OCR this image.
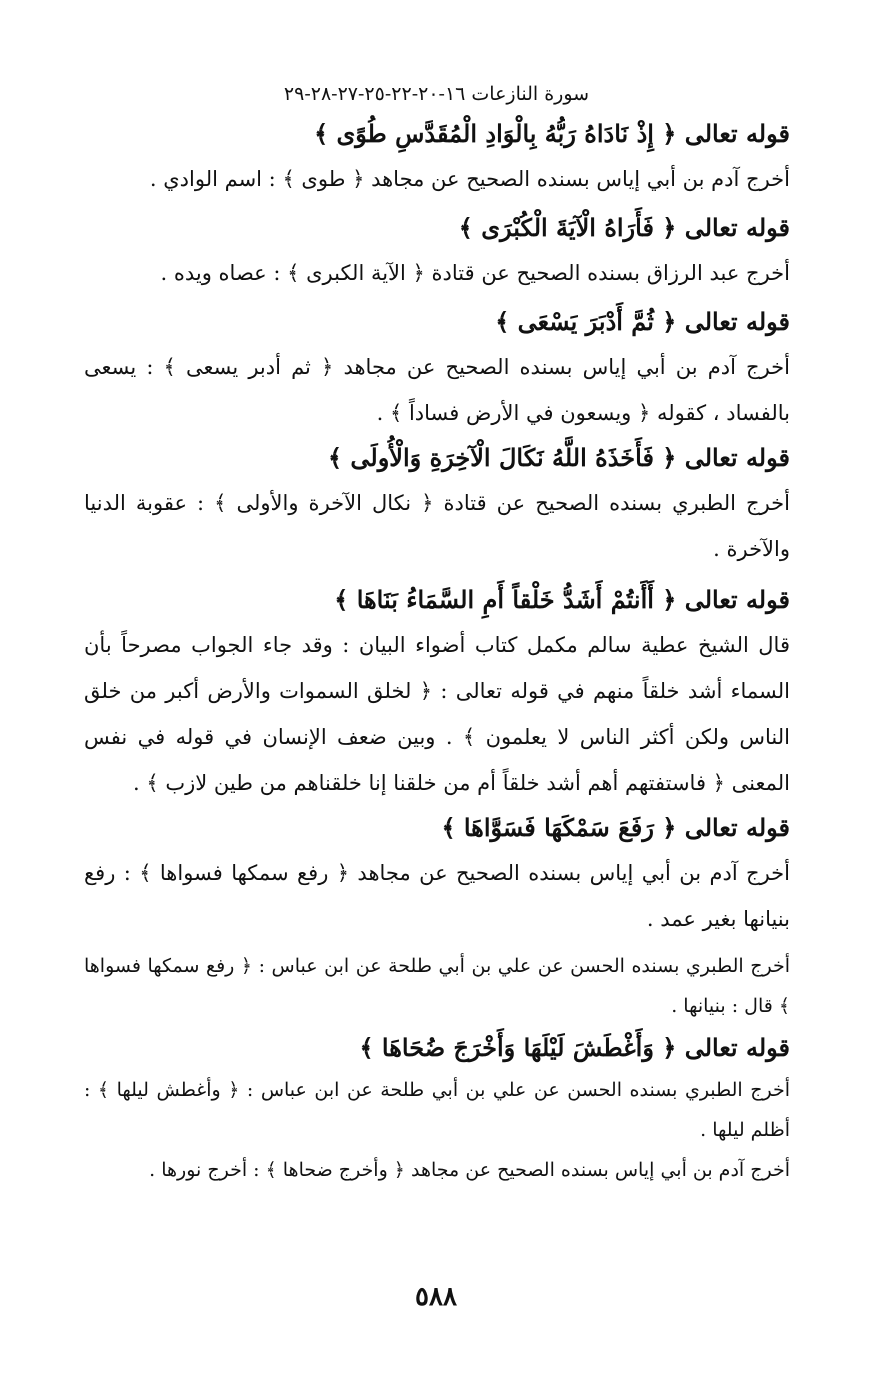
سورة النازعات ١٦-٢٠-٢٢-٢٥-٢٧-٢٨-٢٩

قوله تعالى ﴿ إِذْ نَادَاهُ رَبُّهُ بِالْوَادِ الْمُقَدَّسِ طُوًى ﴾

أخرج آدم بن أبي إياس بسنده الصحيح عن مجاهد ﴿ طوى ﴾ : اسم الوادي .

قوله تعالى ﴿ فَأَرَاهُ الْآيَةَ الْكُبْرَى ﴾

أخرج عبد الرزاق بسنده الصحيح عن قتادة ﴿ الآية الكبرى ﴾ : عصاه ويده .

قوله تعالى ﴿ ثُمَّ أَدْبَرَ يَسْعَى ﴾

أخرج آدم بن أبي إياس بسنده الصحيح عن مجاهد ﴿ ثم أدبر يسعى ﴾ : يسعى بالفساد ، كقوله ﴿ ويسعون في الأرض فساداً ﴾ .

قوله تعالى ﴿ فَأَخَذَهُ اللَّهُ نَكَالَ الْآخِرَةِ وَالْأُولَى ﴾

أخرج الطبري بسنده الصحيح عن قتادة ﴿ نكال الآخرة والأولى ﴾ : عقوبة الدنيا والآخرة .

قوله تعالى ﴿ أَأَنتُمْ أَشَدُّ خَلْقاً أَمِ السَّمَاءُ بَنَاهَا ﴾

قال الشيخ عطية سالم مكمل كتاب أضواء البيان : وقد جاء الجواب مصرحاً بأن السماء أشد خلقاً منهم في قوله تعالى : ﴿ لخلق السموات والأرض أكبر من خلق الناس ولكن أكثر الناس لا يعلمون ﴾ . وبين ضعف الإنسان في قوله في نفس المعنى ﴿ فاستفتهم أهم أشد خلقاً أم من خلقنا إنا خلقناهم من طين لازب ﴾ .

قوله تعالى ﴿ رَفَعَ سَمْكَهَا فَسَوَّاهَا ﴾

أخرج آدم بن أبي إياس بسنده الصحيح عن مجاهد ﴿ رفع سمكها فسواها ﴾ : رفع بنيانها بغير عمد .

أخرج الطبري بسنده الحسن عن علي بن أبي طلحة عن ابن عباس : ﴿ رفع سمكها فسواها ﴾ قال : بنيانها .

قوله تعالى ﴿ وَأَغْطَشَ لَيْلَهَا وَأَخْرَجَ ضُحَاهَا ﴾

أخرج الطبري بسنده الحسن عن علي بن أبي طلحة عن ابن عباس : ﴿ وأغطش ليلها ﴾ : أظلم ليلها .

أخرج آدم بن أبي إياس بسنده الصحيح عن مجاهد ﴿ وأخرج ضحاها ﴾ : أخرج نورها .

٥٨٨
